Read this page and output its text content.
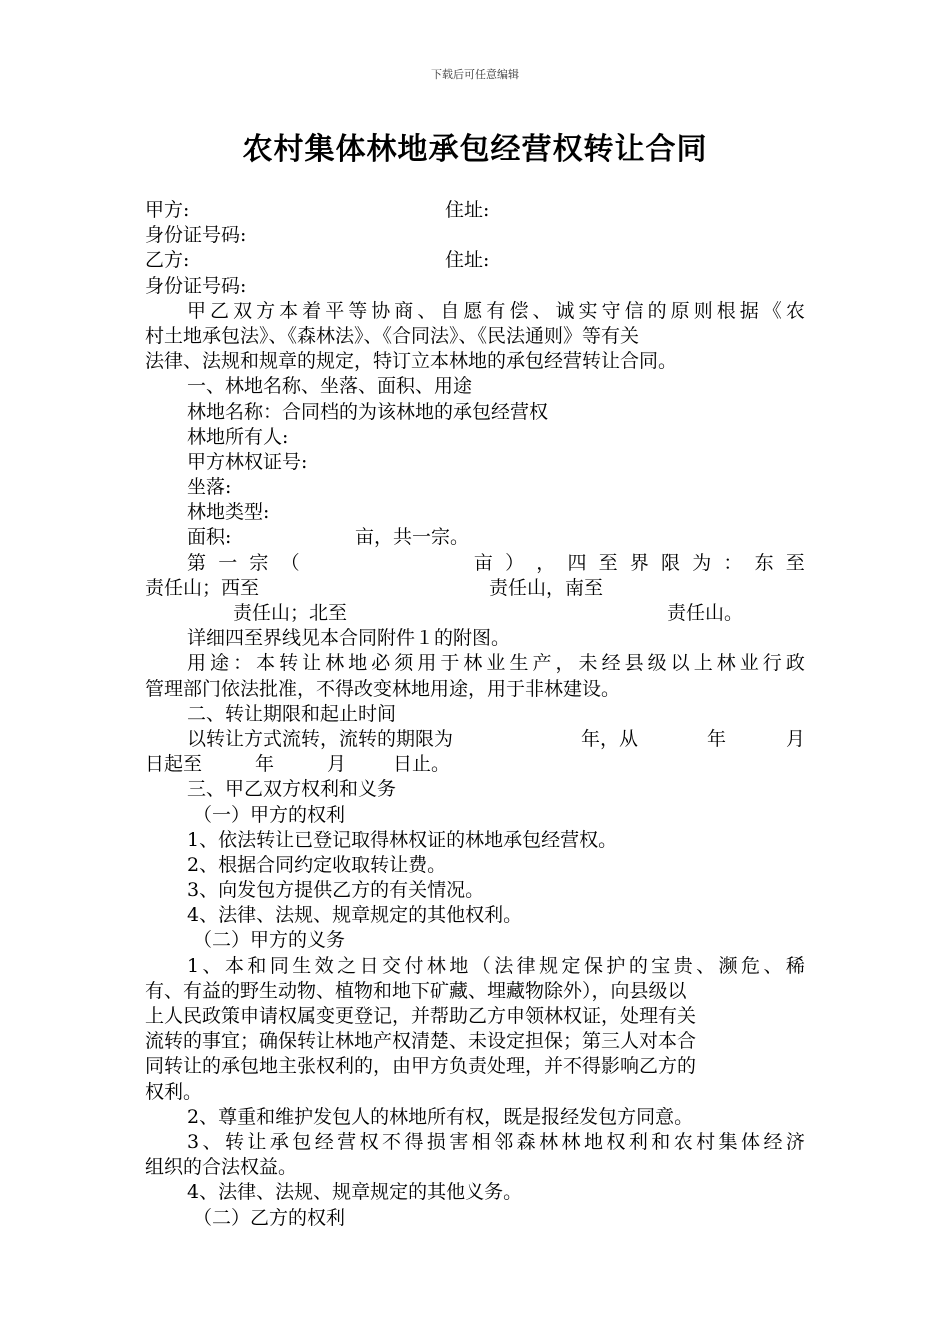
下载后可任意编辑
农村集体林地承包经营权转让合同
甲方:	住址:
身份证号码:
乙方:	住址:
身份证号码:
甲 乙 双 方 本 着 平 等 协 商 、 自 愿 有 偿 、 诚 实 守 信 的 原 则 根 据 《 农
村土地承包法》、《森林法》、《合同法》、《民法通则》等有关
法律、法规和规章的规定，特订立本林地的承包经营转让合同。
一、林地名称、坐落、面积、用途
林地名称：合同档的为该林地的承包经营权
林地所有人:
甲方林权证号:
坐落:
林地类型:
面积:	亩，共一宗。
第 一 宗 （	亩 ） ， 四 至 界 限 为 ： 东 至
责任山；西至	责任山，南至
责任山；北至	责任山。
详细四至界线见本合同附件１的附图。
用 途 ： 本 转 让 林 地 必 须 用 于 林 业 生 产 ， 未 经 县 级 以 上 林 业 行 政
管理部门依法批准，不得改变林地用途，用于非林建设。
二、转让期限和起止时间
以转让方式流转，流转的期限为	年，从	年	月
日起至	年	月 日止。
三、甲乙双方权利和义务
（一）甲方的权利
1、依法转让已登记取得林权证的林地承包经营权。
2、根据合同约定收取转让费。
3、向发包方提供乙方的有关情况。
4、法律、法规、规章规定的其他权利。
（二）甲方的义务
1 、 本 和 同 生 效 之 日 交 付 林 地 （ 法 律 规 定 保 护 的 宝 贵 、 濒 危 、 稀
有、有益的野生动物、植物和地下矿藏、埋藏物除外），向县级以
上人民政策申请权属变更登记，并帮助乙方申领林权证，处理有关
流转的事宜；确保转让林地产权清楚、未设定担保；第三人对本合
同转让的承包地主张权利的，由甲方负责处理，并不得影响乙方的
权利。
2、尊重和维护发包人的林地所有权，既是报经发包方同意。
3 、 转 让 承 包 经 营 权 不 得 损 害 相 邻 森 林 林 地 权 利 和 农 村 集 体 经 济
组织的合法权益。
4、法律、法规、规章规定的其他义务。
（二）乙方的权利
